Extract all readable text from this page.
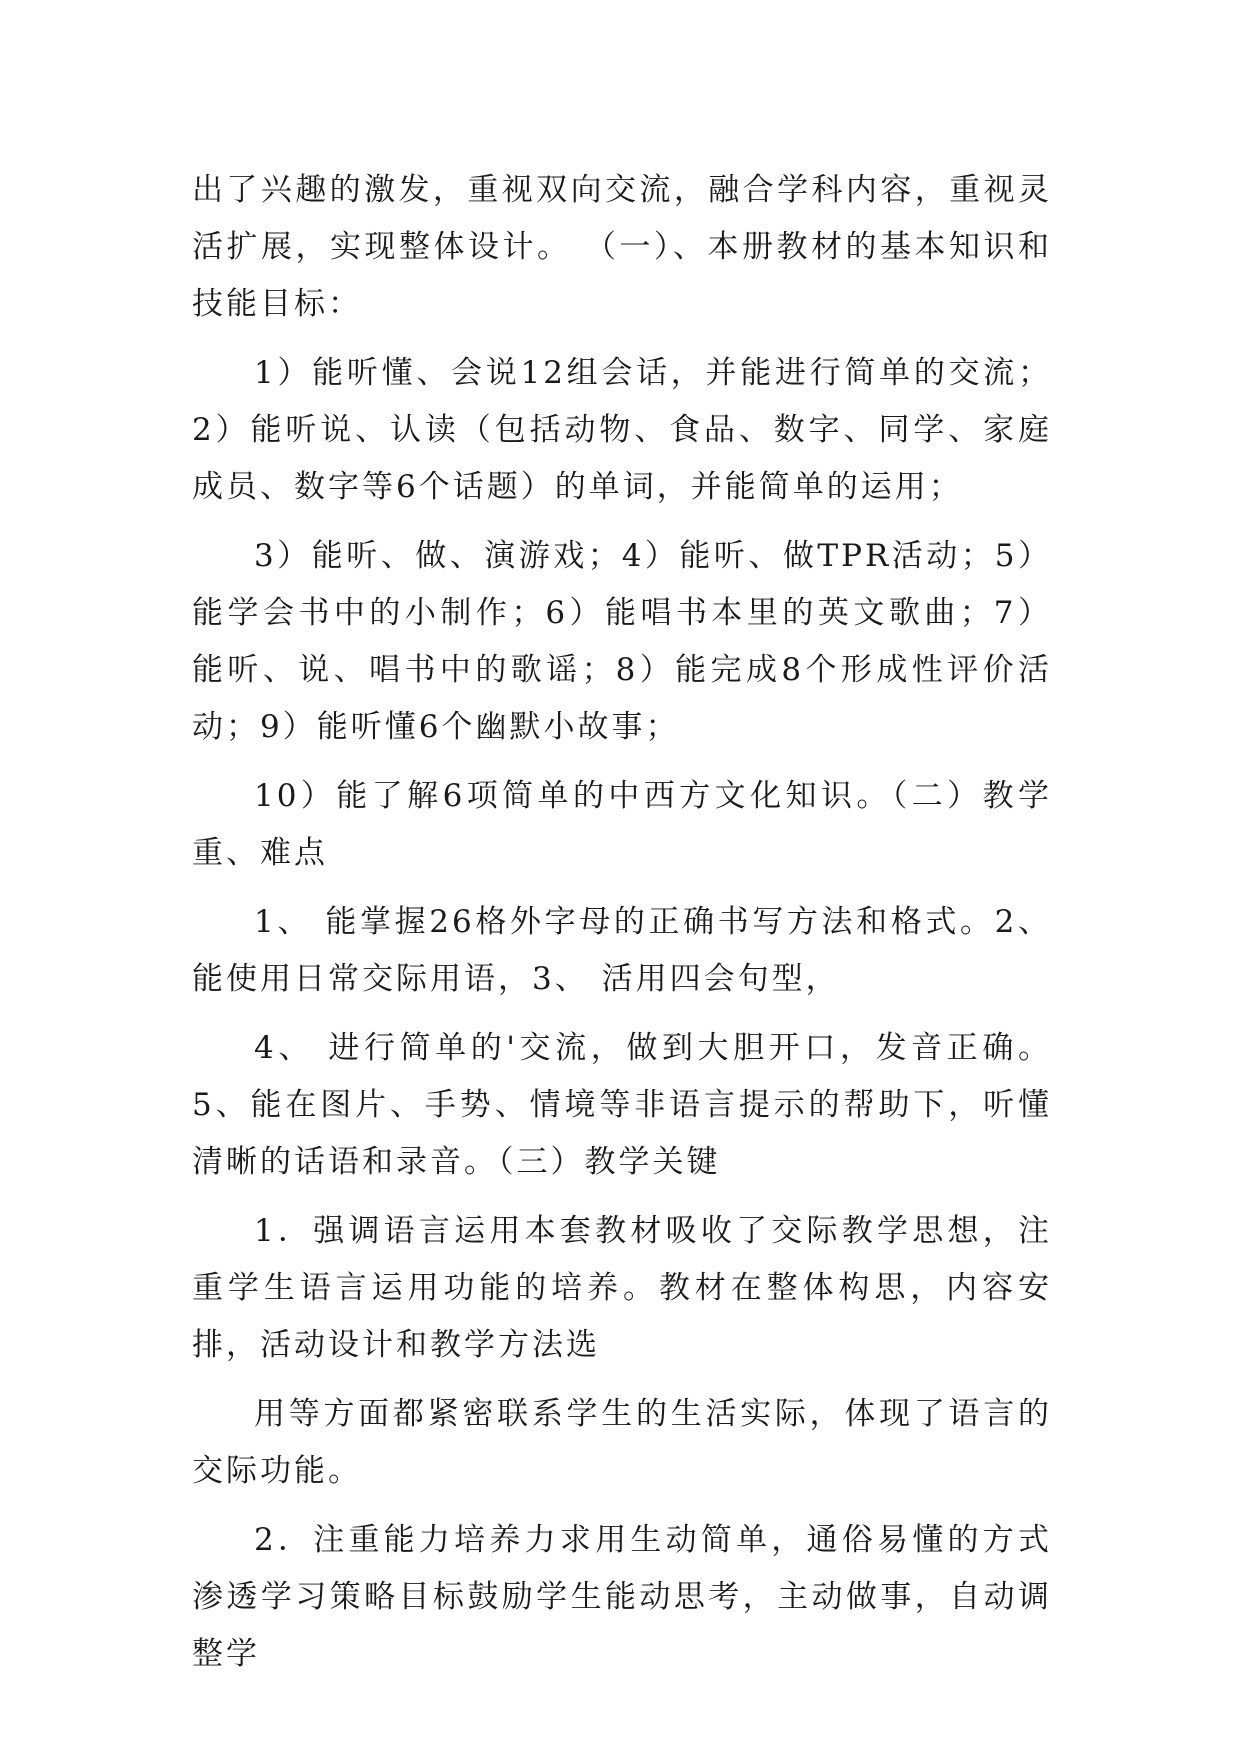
出了兴趣的激发，重视双向交流，融合学科内容，重视灵活扩展，实现整体设计。 （一）、本册教材的基本知识和技能目标：

1）能听懂、会说12组会话，并能进行简单的交流；2）能听说、认读（包括动物、食品、数字、同学、家庭成员、数字等6个话题）的单词，并能简单的运用；

3）能听、做、演游戏；4）能听、做TPR活动；5）能学会书中的小制作；6）能唱书本里的英文歌曲；7）能听、说、唱书中的歌谣；8）能完成8个形成性评价活动；9）能听懂6个幽默小故事；

10）能了解6项简单的中西方文化知识。（二）教学重、难点

1、 能掌握26格外字母的正确书写方法和格式。2、能使用日常交际用语，3、 活用四会句型，

4、 进行简单的'交流，做到大胆开口，发音正确。5、能在图片、手势、情境等非语言提示的帮助下，听懂清晰的话语和录音。（三）教学关键

1．强调语言运用本套教材吸收了交际教学思想，注重学生语言运用功能的培养。教材在整体构思，内容安排，活动设计和教学方法选

用等方面都紧密联系学生的生活实际，体现了语言的交际功能。

2．注重能力培养力求用生动简单，通俗易懂的方式渗透学习策略目标鼓励学生能动思考，主动做事，自动调整学
